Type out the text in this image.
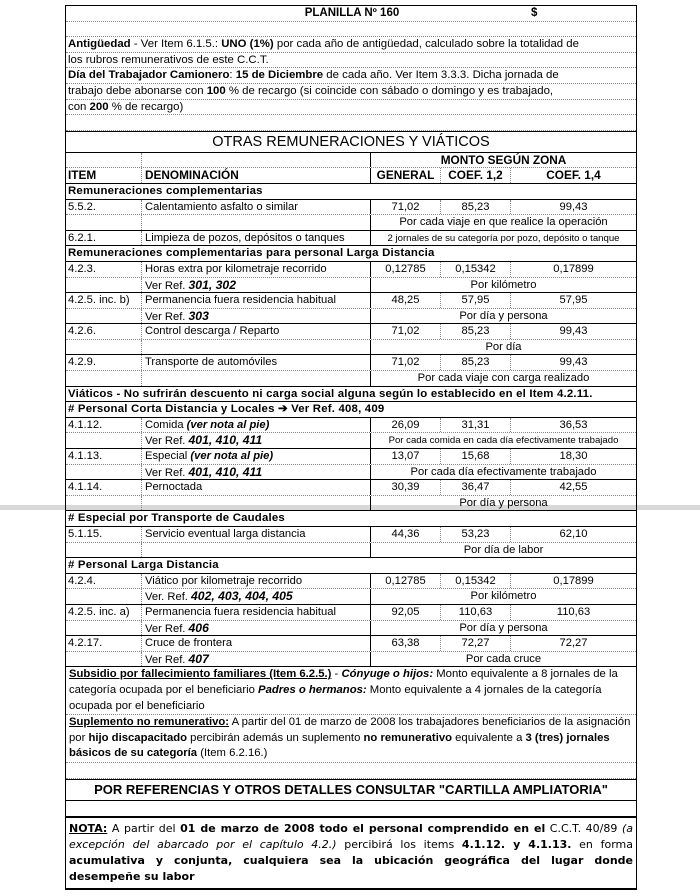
PLANILLA Nº 160	$
Antigüedad - Ver Item 6.1.5.: UNO (1%) por cada año de antigüedad, calculado sobre la totalidad de
los rubros remunerativos de este C.C.T.
Día del Trabajador Camionero: 15 de Diciembre de cada año. Ver Item 3.3.3. Dicha jornada de
trabajo debe abonarse con 100 % de recargo (si coincide con sábado o domingo y es trabajado,
con 200 % de recargo)
OTRAS REMUNERACIONES Y VIÁTICOS
MONTO SEGÚN ZONA
ITEM	DENOMINACIÓN	GENERAL	COEF. 1,2	COEF. 1,4
Remuneraciones complementarias
5.5.2.	Calentamiento asfalto o similar	71,02	85,23	99,43
Por cada viaje en que realice la operación
6.2.1.	Limpieza de pozos, depósitos o tanques	2 jornales de su categoría por pozo, depósito o tanque
Remuneraciones complementarias para personal Larga Distancia
4.2.3.	Horas extra por kilometraje recorrido	0,12785	0,15342	0,17899
Ver Ref. 301, 302	Por kilómetro
4.2.5. inc. b)	Permanencia fuera residencia habitual	48,25	57,95	57,95
Ver Ref. 303	Por día y persona
4.2.6.	Control descarga / Reparto	71,02	85,23	99,43
Por día
4.2.9.	Transporte de automóviles	71,02	85,23	99,43
Por cada viaje con carga realizado
Viáticos - No sufrirán descuento ni carga social alguna según lo establecido en el Item 4.2.11.
# Personal Corta Distancia y Locales ➔ Ver Ref. 408, 409
4.1.12.	Comida (ver nota al pie)	26,09	31,31	36,53
Ver Ref. 401, 410, 411	Por cada comida en cada día efectivamente trabajado
4.1.13.	Especial (ver nota al pie)	13,07	15,68	18,30
Ver Ref. 401, 410, 411	Por cada día efectivamente trabajado
4.1.14.	Pernoctada	30,39	36,47	42,55
Por día y persona
# Especial por Transporte de Caudales
5.1.15.	Servicio eventual larga distancia	44,36	53,23	62,10
Por día de labor
# Personal Larga Distancia
4.2.4.	Viático por kilometraje recorrido	0,12785	0,15342	0,17899
Ver. Ref. 402, 403, 404, 405	Por kilómetro
4.2.5. inc. a)	Permanencia fuera residencia habitual	92,05	110,63	110,63
Ver Ref. 406	Por día y persona
4.2.17.	Cruce de frontera	63,38	72,27	72,27
Ver Ref. 407	Por cada cruce
Subsidio por fallecimiento familiares (Item 6.2.5.) - Cónyuge o hijos: Monto equivalente a 8 jornales de la categoría ocupada por el beneficiario Padres o hermanos: Monto equivalente a 4 jornales de la categoría ocupada por el beneficiario
Suplemento no remunerativo: A partir del 01 de marzo de 2008 los trabajadores beneficiarios de la asignación por hijo discapacitado percibirán además un suplemento no remunerativo equivalente a 3 (tres) jornales básicos de su categoría (Item 6.2.16.)
POR REFERENCIAS Y OTROS DETALLES CONSULTAR "CARTILLA AMPLIATORIA"
NOTA: A partir del 01 de marzo de 2008 todo el personal comprendido en el C.C.T. 40/89 (a excepción del abarcado por el capítulo 4.2.) percibirá los items 4.1.12. y 4.1.13. en forma acumulativa y conjunta, cualquiera sea la ubicación geográfica del lugar donde desempeñe su labor
